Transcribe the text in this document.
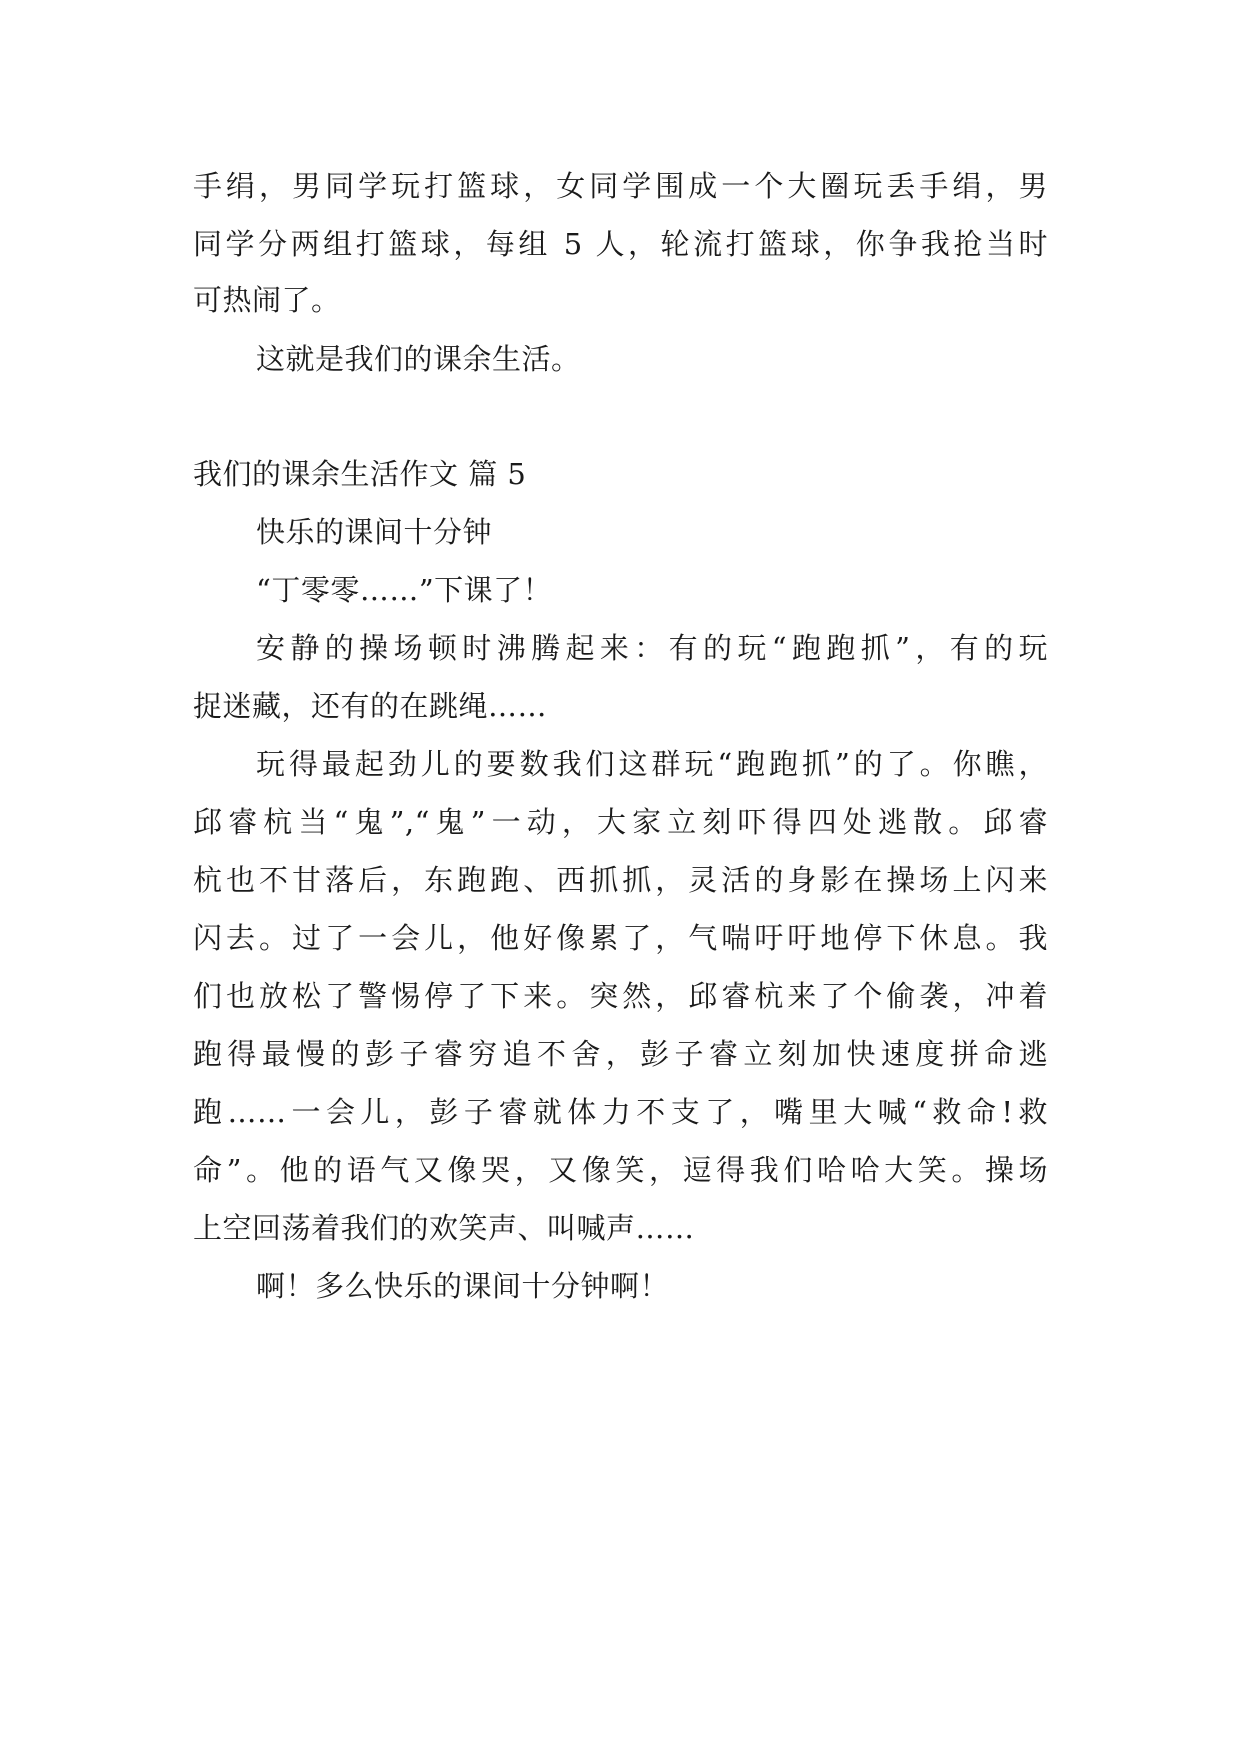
手绢，男同学玩打篮球，女同学围成一个大圈玩丢手绢，男
同学分两组打篮球，每组 5 人，轮流打篮球，你争我抢当时
可热闹了。
这就是我们的课余生活。
我们的课余生活作文 篇 5
快乐的课间十分钟
“丁零零……”下课了！
安静的操场顿时沸腾起来：有的玩“跑跑抓”，有的玩
捉迷藏，还有的在跳绳……
玩得最起劲儿的要数我们这群玩“跑跑抓”的了。你瞧，
邱睿杭当“鬼”,“鬼”一动，大家立刻吓得四处逃散。邱睿
杭也不甘落后，东跑跑、西抓抓，灵活的身影在操场上闪来
闪去。过了一会儿，他好像累了，气喘吁吁地停下休息。我
们也放松了警惕停了下来。突然，邱睿杭来了个偷袭，冲着
跑得最慢的彭子睿穷追不舍，彭子睿立刻加快速度拼命逃
跑……一会儿，彭子睿就体力不支了，嘴里大喊“救命!救
命”。他的语气又像哭，又像笑，逗得我们哈哈大笑。操场
上空回荡着我们的欢笑声、叫喊声……
啊！多么快乐的课间十分钟啊！
